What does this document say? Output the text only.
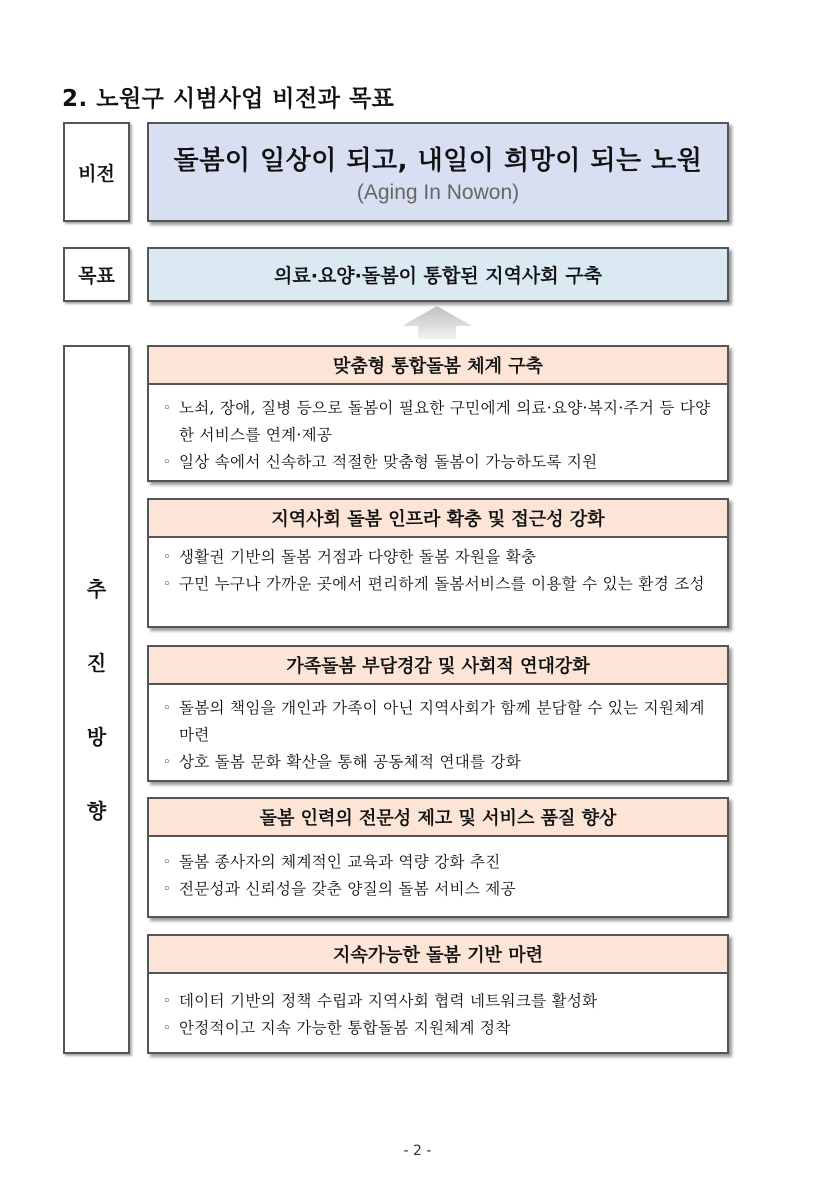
2. 노원구 시범사업 비전과 목표
비전 돌봄이 일상이 되고, 내일이 희망이 되는 노원
(Aging In Nowon)
목표	의료·요양·돌봄이 통합된 지역사회 구축
추
진
방
향
맞춤형 통합돌봄 체계 구축
◦ 노쇠, 장애, 질병 등으로 돌봄이 필요한 구민에게 의료·요양·복지·주거 등 다양한 서비스를 연계·제공
◦ 일상 속에서 신속하고 적절한 맞춤형 돌봄이 가능하도록 지원
지역사회 돌봄 인프라 확충 및 접근성 강화
◦ 생활권 기반의 돌봄 거점과 다양한 돌봄 자원을 확충
◦ 구민 누구나 가까운 곳에서 편리하게 돌봄서비스를 이용할 수 있는 환경 조성
가족돌봄 부담경감 및 사회적 연대강화
◦ 돌봄의 책임을 개인과 가족이 아닌 지역사회가 함께 분담할 수 있는 지원체계 마련
◦ 상호 돌봄 문화 확산을 통해 공동체적 연대를 강화
돌봄 인력의 전문성 제고 및 서비스 품질 향상
◦ 돌봄 종사자의 체계적인 교육과 역량 강화 추진
◦ 전문성과 신뢰성을 갖춘 양질의 돌봄 서비스 제공
지속가능한 돌봄 기반 마련
◦ 데이터 기반의 정책 수립과 지역사회 협력 네트워크를 활성화
◦ 안정적이고 지속 가능한 통합돌봄 지원체계 정착
- 2 -
